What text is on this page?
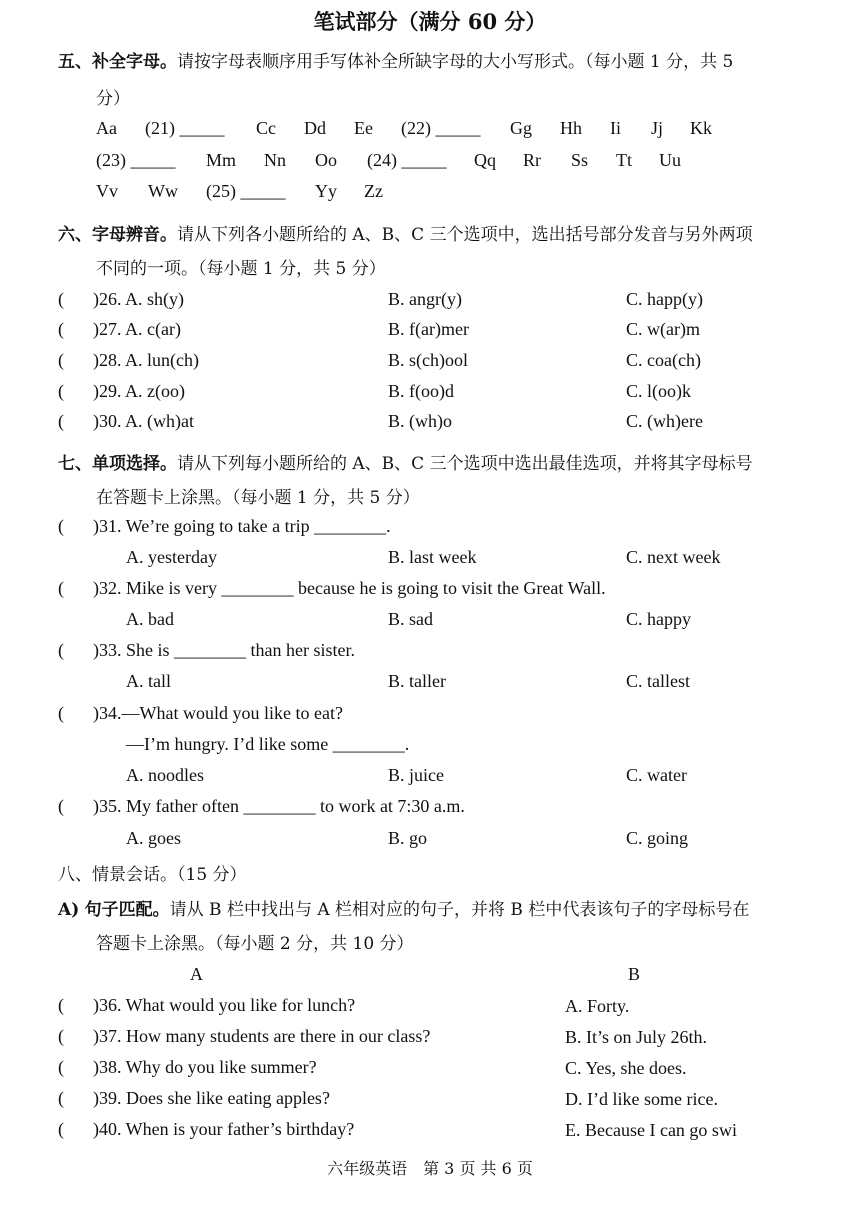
笔试部分（满分 60 分）
五、补全字母。请按字母表顺序用手写体补全所缺字母的大小写形式。（每小题 1 分，共 5
分）
Aa (21) _____ Cc Dd Ee (22) _____ Gg Hh Ii Jj Kk
(23) _____ Mm Nn Oo (24) _____ Qq Rr Ss Tt Uu
Vv Ww (25) _____ Yy Zz
六、字母辨音。请从下列各小题所给的 A、B、C 三个选项中，选出括号部分发音与另外两项
不同的一项。（每小题 1 分，共 5 分）
( )26. A. sh(y)	B. angr(y)	C. happ(y)
( )27. A. c(ar)	B. f(ar)mer	C. w(ar)m
( )28. A. lun(ch)	B. s(ch)ool	C. coa(ch)
( )29. A. z(oo)	B. f(oo)d	C. l(oo)k
( )30. A. (wh)at	B. (wh)o	C. (wh)ere
七、单项选择。请从下列每小题所给的 A、B、C 三个选项中选出最佳选项，并将其字母标号
在答题卡上涂黑。（每小题 1 分，共 5 分）
( )31. We’re going to take a trip ________.
A. yesterday	B. last week	C. next week
( )32. Mike is very ________ because he is going to visit the Great Wall.
A. bad	B. sad	C. happy
( )33. She is ________ than her sister.
A. tall	B. taller	C. tallest
( )34.—What would you like to eat?
—I’m hungry. I’d like some ________.
A. noodles	B. juice	C. water
( )35. My father often ________ to work at 7:30 a.m.
A. goes	B. go	C. going
八、情景会话。（15 分）
A) 句子匹配。请从 B 栏中找出与 A 栏相对应的句子，并将 B 栏中代表该句子的字母标号在
答题卡上涂黑。（每小题 2 分，共 10 分）
A	B
( )36. What would you like for lunch?	A. Forty.
( )37. How many students are there in our class?	B. It’s on July 26th.
( )38. Why do you like summer?	C. Yes, she does.
( )39. Does she like eating apples?	D. I’d like some rice.
( )40. When is your father’s birthday?	E. Because I can go swi
六年级英语　第 3 页 共 6 页
